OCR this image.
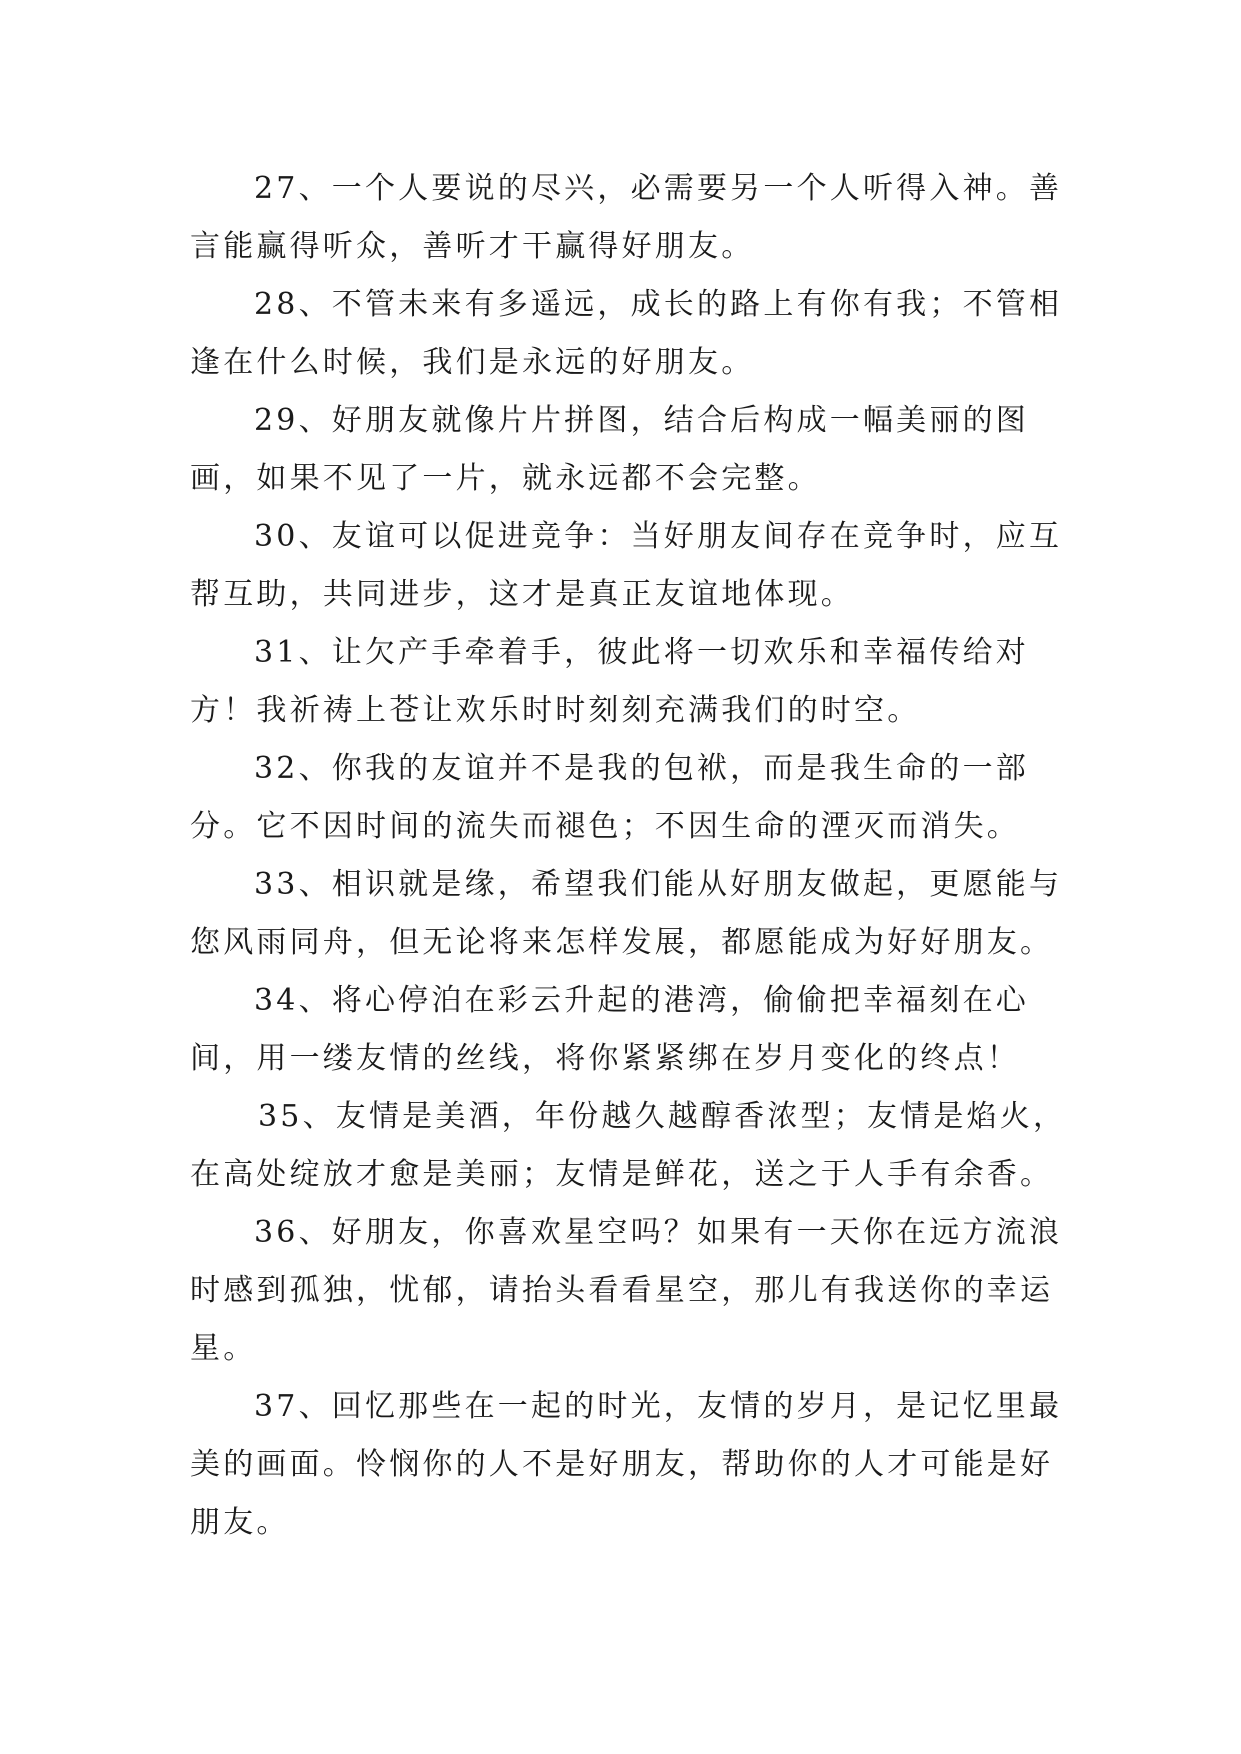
27、一个人要说的尽兴，必需要另一个人听得入神。善言能赢得听众，善听才干赢得好朋友。

28、不管未来有多遥远，成长的路上有你有我；不管相逢在什么时候，我们是永远的好朋友。

29、好朋友就像片片拼图，结合后构成一幅美丽的图画，如果不见了一片，就永远都不会完整。

30、友谊可以促进竞争：当好朋友间存在竞争时，应互帮互助，共同进步，这才是真正友谊地体现。

31、让欠产手牵着手，彼此将一切欢乐和幸福传给对方！我祈祷上苍让欢乐时时刻刻充满我们的时空。

32、你我的友谊并不是我的包袱，而是我生命的一部分。它不因时间的流失而褪色；不因生命的湮灭而消失。

33、相识就是缘，希望我们能从好朋友做起，更愿能与您风雨同舟，但无论将来怎样发展，都愿能成为好好朋友。

34、将心停泊在彩云升起的港湾，偷偷把幸福刻在心间，用一缕友情的丝线，将你紧紧绑在岁月变化的终点！

35、友情是美酒，年份越久越醇香浓型；友情是焰火，在高处绽放才愈是美丽；友情是鲜花，送之于人手有余香。

36、好朋友，你喜欢星空吗？如果有一天你在远方流浪时感到孤独，忧郁，请抬头看看星空，那儿有我送你的幸运星。

37、回忆那些在一起的时光，友情的岁月，是记忆里最美的画面。怜悯你的人不是好朋友，帮助你的人才可能是好朋友。
